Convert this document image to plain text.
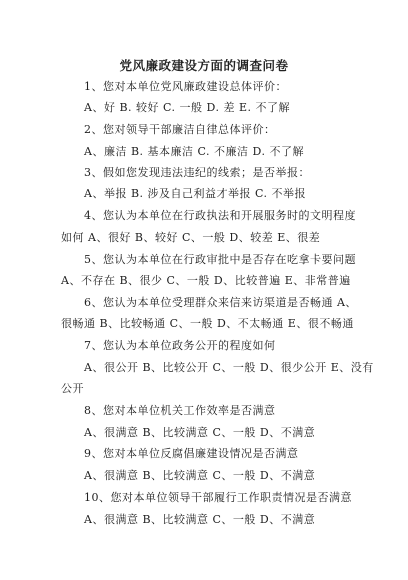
党风廉政建设方面的调查问卷
1、您对本单位党风廉政建设总体评价：
A、好 B. 较好 C. 一般 D. 差 E. 不了解
2、您对领导干部廉洁自律总体评价：
A、廉洁 B. 基本廉洁 C. 不廉洁 D. 不了解
3、假如您发现违法违纪的线索；是否举报：
A、举报 B. 涉及自己利益才举报 C. 不举报
4、您认为本单位在行政执法和开展服务时的文明程度
如何 A、很好 B、较好 C、一般 D、较差 E、很差
5、您认为本单位在行政审批中是否存在吃拿卡要问题
A、不存在 B、很少 C、一般 D、比较普遍 E、非常普遍
6、您认为本单位受理群众来信来访渠道是否畅通 A、
很畅通 B、比较畅通 C、一般 D、不太畅通 E、很不畅通
7、您认为本单位政务公开的程度如何
A、很公开 B、比较公开 C、一般 D、很少公开 E、没有
公开
8、您对本单位机关工作效率是否满意
A、很满意 B、比较满意 C、一般 D、不满意
9、您对本单位反腐倡廉建设情况是否满意
A、很满意 B、比较满意 C、一般 D、不满意
10、您对本单位领导干部履行工作职责情况是否满意
A、很满意 B、比较满意 C、一般 D、不满意
